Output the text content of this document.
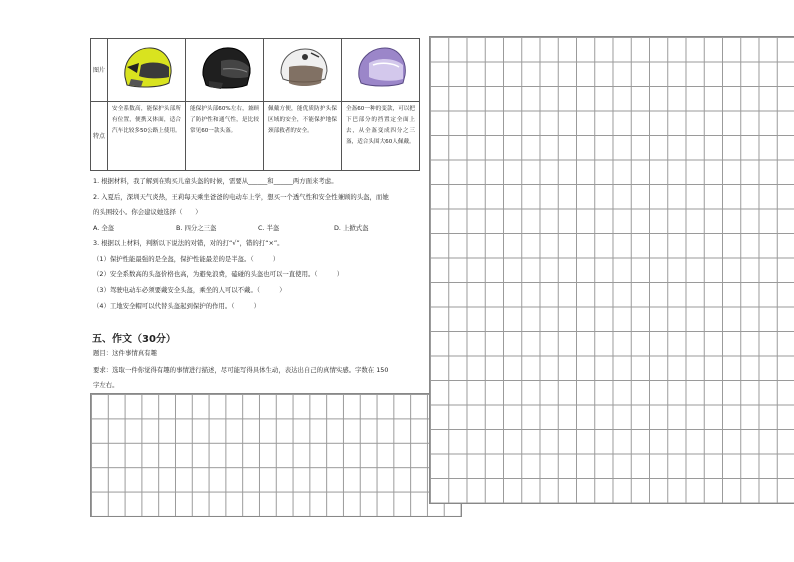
图片				
特点	安全系数高，能保护头部所有位置，便携又体面，适合汽车比较多50公路上使用。	能保护头部60%左右，兼顾了防护性和通气性，是比较常见60一款头盔。	佩戴方便，能优质防护头保区域的安全，不能保护地保颈部救者的安全。	全盔60一种的变款，可以把下巴部分的挡置定全面上去，从全盔变成四分之三盔，适合头围大60人佩戴。
1. 根据材料，我了解到在购买儿童头盔的时候，需要从______和______两方面来考虑。
2. 入夏后，深圳天气炎热，王莉每天乘坐爸爸的电动车上学，想买一个透气性和安全性兼顾的头盔，而她
的头围较小。你会建议她选择（　　）
A. 全盔	B. 四分之三盔	C. 半盔	D. 上掀式盔
3. 根据以上材料，判断以下说法的对错，对的打“√”，错的打“×”。
（1）保护性能最强的是全盔，保护性能最差的是半盔。（　　　）
（2）安全系数高的头盔价格也高，为避免浪费，磕碰的头盔也可以一直使用。（　　　）
（3）驾驶电动车必须要戴安全头盔，乘坐的人可以不戴。（　　　）
（4）工地安全帽可以代替头盔起到保护的作用。（　　　）
五、作文（30分）
题目：这件事情真有趣
要求：选取一件你觉得有趣的事情进行描述，尽可能写得具体生动，表达出自己的真情实感。字数在 150
字左右。
